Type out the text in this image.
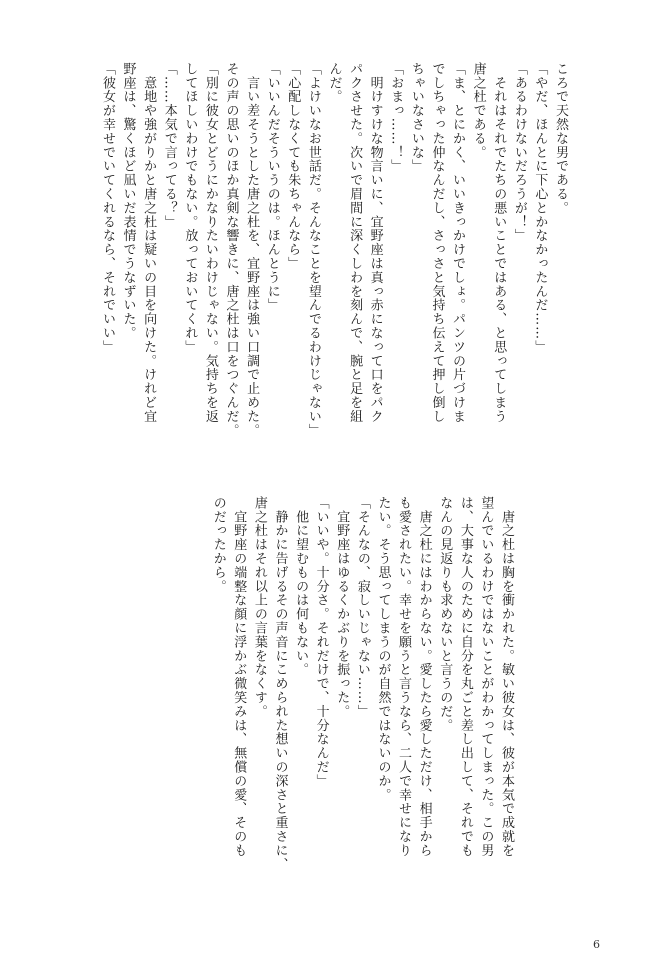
ころで天然な男である。

「やだ、ほんとに下心とかなかったんだ……」

「あるわけないだろうが！」

　それはそれでたちの悪いことではある、と思ってしまう

唐之杜である。

「ま、とにかく、いいきっかけでしょ。パンツの片づけま

でしちゃった仲なんだし、さっさと気持ち伝えて押し倒し

ちゃいなさいな」

「おまっ……！」

　明けすけな物言いに、宜野座は真っ赤になって口をパク

パクさせた。次いで眉間に深くしわを刻んで、腕と足を組

んだ。

「よけいなお世話だ。そんなことを望んでるわけじゃない」

「心配しなくても朱ちゃんなら」

「いいんだそういうのは。ほんとうに」

　言い差そうとした唐之杜を、宜野座は強い口調で止めた。

その声の思いのほか真剣な響きに、唐之杜は口をつぐんだ。

「別に彼女とどうにかなりたいわけじゃない。気持ちを返

してほしいわけでもない。放っておいてくれ」

「……本気で言ってる？」

　意地や強がりかと唐之杜は疑いの目を向けた。けれど宜

野座は、驚くほど凪いだ表情でうなずいた。

「彼女が幸せでいてくれるなら、それでいい」

　唐之杜は胸を衝かれた。敏い彼女は、彼が本気で成就を

望んでいるわけではないことがわかってしまった。この男

は、大事な人のために自分を丸ごと差し出して、それでも

なんの見返りも求めないと言うのだ。

　唐之杜にはわからない。愛したら愛しただけ、相手から

も愛されたい。幸せを願うと言うなら、二人で幸せになり

たい。そう思ってしまうのが自然ではないのか。

「そんなの、寂しいじゃない……」

　宜野座はゆるくかぶりを振った。

「いいや。十分さ。それだけで、十分なんだ」

　他に望むものは何もない。

　静かに告げるその声音にこめられた想いの深さと重さに、

唐之杜はそれ以上の言葉をなくす。

　宜野座の端整な顔に浮かぶ微笑みは、無償の愛、そのも

のだったから。

6
